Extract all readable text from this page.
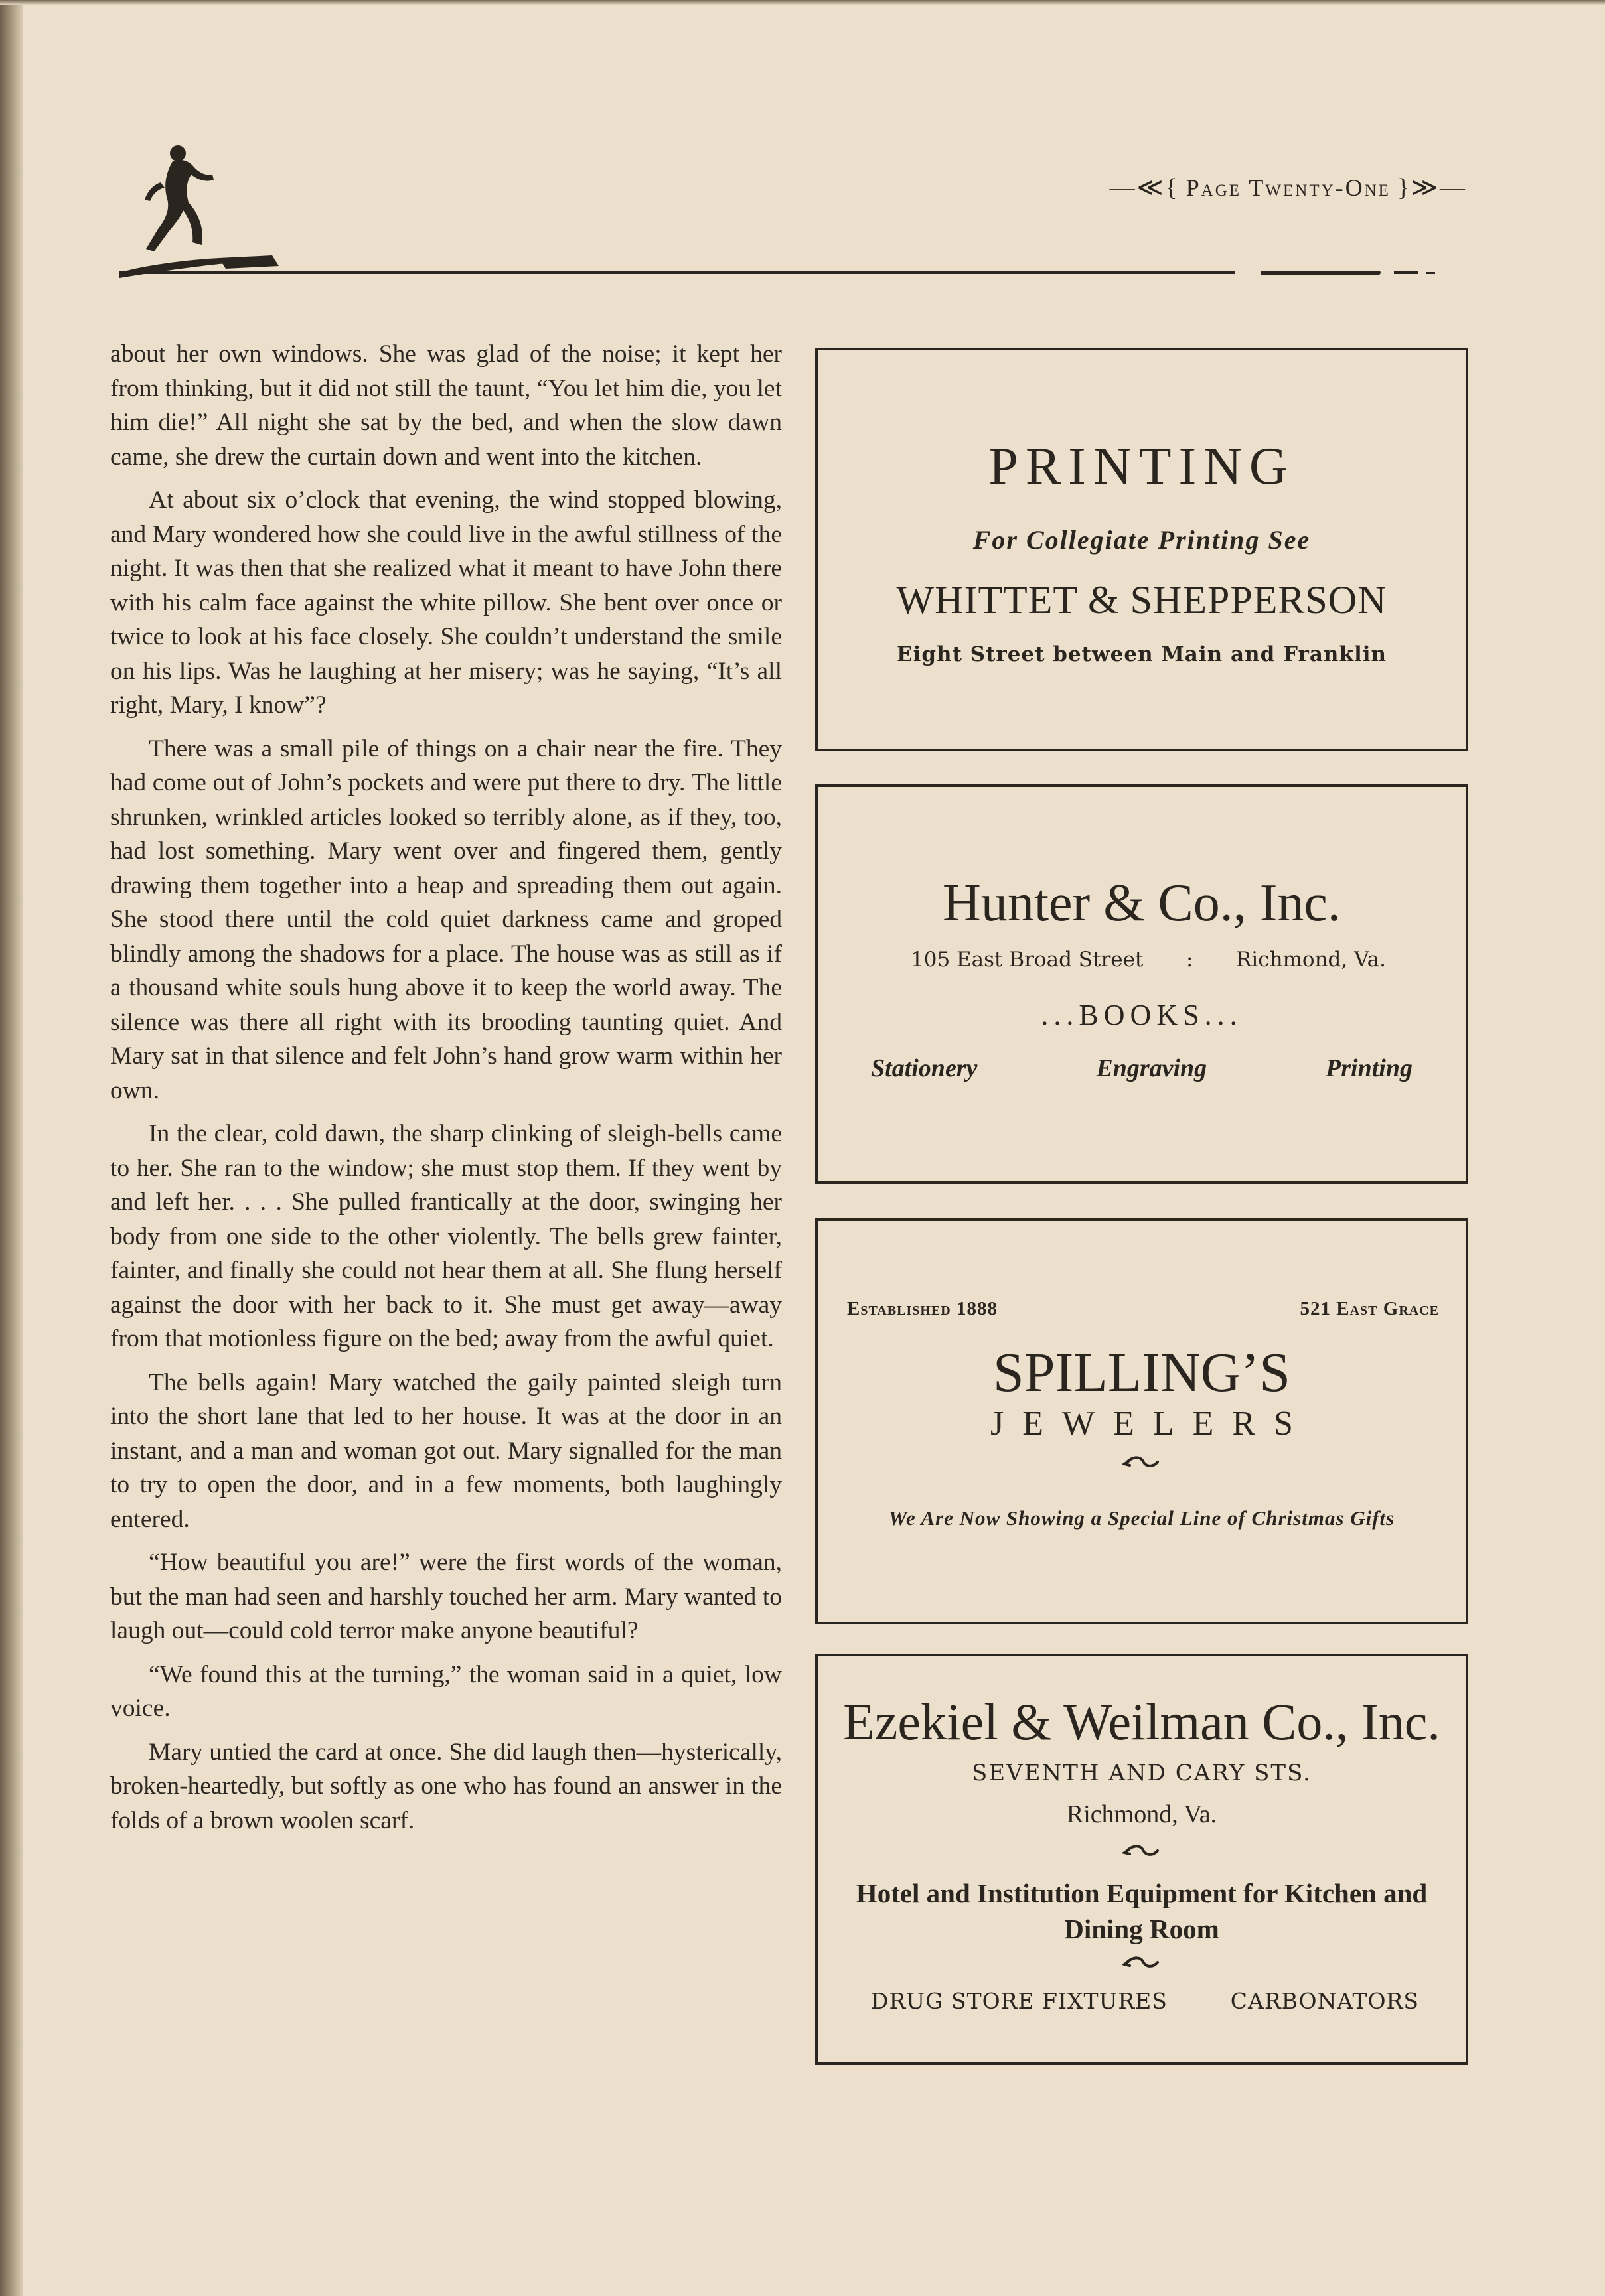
—≪{ Page Twenty-One }≫—

about her own windows. She was glad of the noise; it kept her from thinking, but it did not still the taunt, “You let him die, you let him die!” All night she sat by the bed, and when the slow dawn came, she drew the curtain down and went into the kitchen.

At about six o’clock that evening, the wind stopped blowing, and Mary wondered how she could live in the awful stillness of the night. It was then that she realized what it meant to have John there with his calm face against the white pillow. She bent over once or twice to look at his face closely. She couldn’t understand the smile on his lips. Was he laughing at her misery; was he saying, “It’s all right, Mary, I know”?

There was a small pile of things on a chair near the fire. They had come out of John’s pockets and were put there to dry. The little shrunken, wrinkled articles looked so terribly alone, as if they, too, had lost something. Mary went over and fingered them, gently drawing them together into a heap and spreading them out again. She stood there until the cold quiet darkness came and groped blindly among the shadows for a place. The house was as still as if a thousand white souls hung above it to keep the world away. The silence was there all right with its brooding taunting quiet. And Mary sat in that silence and felt John’s hand grow warm within her own.

In the clear, cold dawn, the sharp clinking of sleigh-bells came to her. She ran to the window; she must stop them. If they went by and left her. . . . She pulled frantically at the door, swinging her body from one side to the other violently. The bells grew fainter, fainter, and finally she could not hear them at all. She flung herself against the door with her back to it. She must get away—away from that motionless figure on the bed; away from the awful quiet.

The bells again! Mary watched the gaily painted sleigh turn into the short lane that led to her house. It was at the door in an instant, and a man and woman got out. Mary signalled for the man to try to open the door, and in a few moments, both laughingly entered.

“How beautiful you are!” were the first words of the woman, but the man had seen and harshly touched her arm. Mary wanted to laugh out—could cold terror make anyone beautiful?

“We found this at the turning,” the woman said in a quiet, low voice.

Mary untied the card at once. She did laugh then—hysterically, broken-heartedly, but softly as one who has found an answer in the folds of a brown woolen scarf.

PRINTING
For Collegiate Printing See
WHITTET & SHEPPERSON
Eight Street between Main and Franklin
Hunter & Co., Inc.
105 East Broad Street : Richmond, Va.
...BOOKS...
Stationery	Engraving	Printing
Established 1888	521 East Grace
SPILLING’S
JEWELERS
We Are Now Showing a Special Line of Christmas Gifts
Ezekiel & Weilman Co., Inc.
SEVENTH AND CARY STS.
Richmond, Va.
Hotel and Institution Equipment for Kitchen and Dining Room
DRUG STORE FIXTURES	CARBONATORS
